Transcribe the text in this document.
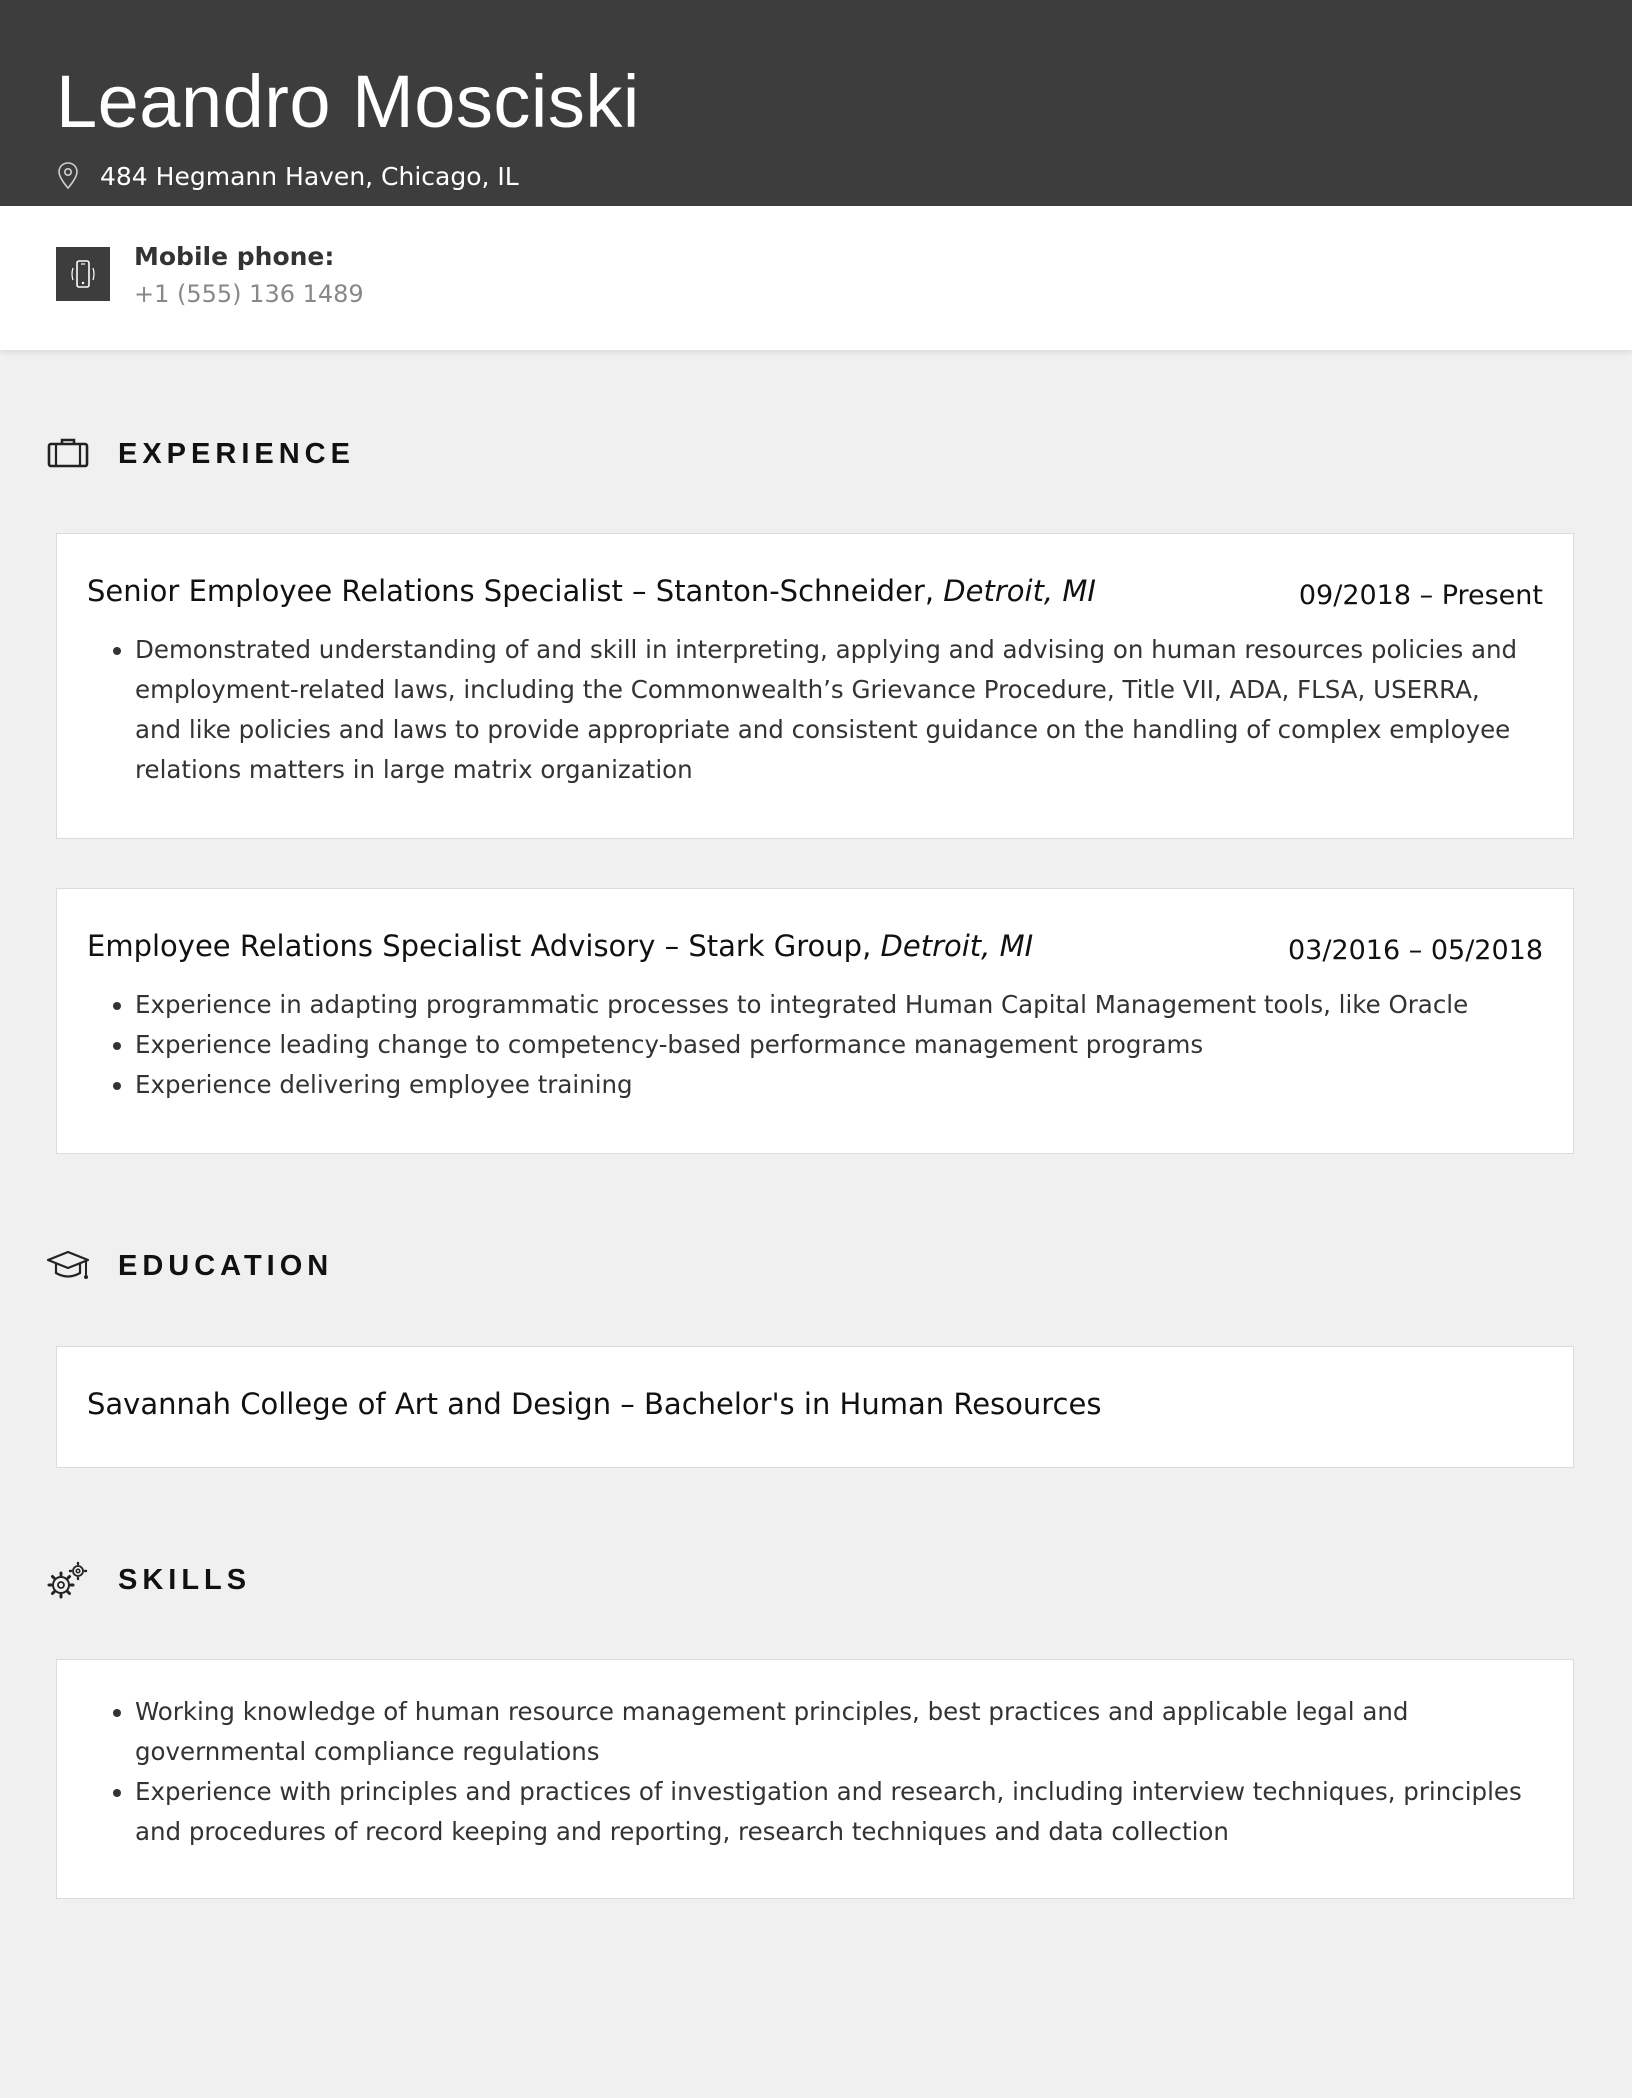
Leandro Mosciski
484 Hegmann Haven, Chicago, IL
Mobile phone:
+1 (555) 136 1489
EXPERIENCE
Senior Employee Relations Specialist – Stanton-Schneider, Detroit, MI	09/2018 – Present
• Demonstrated understanding of and skill in interpreting, applying and advising on human resources policies and employment-related laws, including the Commonwealth’s Grievance Procedure, Title VII, ADA, FLSA, USERRA, and like policies and laws to provide appropriate and consistent guidance on the handling of complex employee relations matters in large matrix organization
Employee Relations Specialist Advisory – Stark Group, Detroit, MI	03/2016 – 05/2018
• Experience in adapting programmatic processes to integrated Human Capital Management tools, like Oracle
• Experience leading change to competency-based performance management programs
• Experience delivering employee training
EDUCATION
Savannah College of Art and Design – Bachelor's in Human Resources
SKILLS
• Working knowledge of human resource management principles, best practices and applicable legal and governmental compliance regulations
• Experience with principles and practices of investigation and research, including interview techniques, principles and procedures of record keeping and reporting, research techniques and data collection
